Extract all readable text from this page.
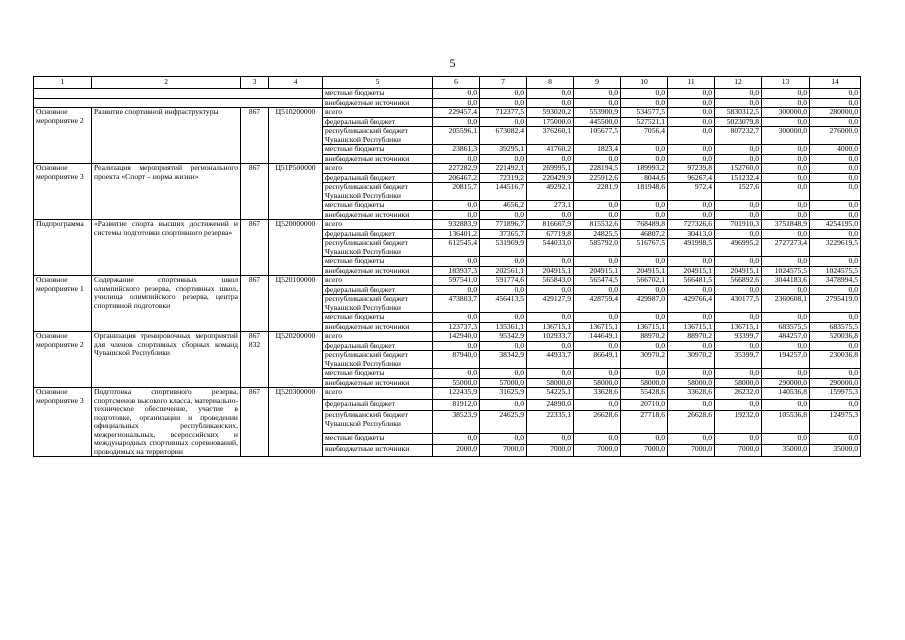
5
1	2	3	4	5	6	7	8	9	10	11	12	13	14
				местные бюджеты	0,0	0,0	0,0	0,0	0,0	0,0	0,0	0,0	0,0
				внебюджетные источники	0,0	0,0	0,0	0,0	0,0	0,0	0,0	0,0	0,0
Основное мероприятие 2	Развитие спортивной инфраструктуры	867	Ц510200000	всего	229457,4	712377,5	593020,2	553900,9	534577,5	0,0	5830312,5	300000,0	280000,0
				федеральный бюджет	0,0	0,0	175000,0	445500,0	527521,1	0,0	5023079,8	0,0	0,0
				республиканский бюджет Чувашской Республики	205596,1	673082,4	376260,1	105677,5	7056,4	0,0	807232,7	300000,0	276000,0
				местные бюджеты	23861,3	39295,1	41760,2	1823,4	0,0	0,0	0,0	0,0	4000,0
				внебюджетные источники	0,0	0,0	0,0	0,0	0,0	0,0	0,0	0,0	0,0
Основное мероприятие 3	Реализация мероприятий регионального проекта «Спорт – норма жизни»	867	Ц51P500000	всего	227282,9	221492,1	269995,1	228194,5	189993,2	97239,8	152760,0	0,0	0,0
				федеральный бюджет	206467,2	72319,2	220429,9	225912,6	8044,6	96267,4	151232,4	0,0	0,0
				республиканский бюджет Чувашской Республики	20815,7	144516,7	49292,1	2281,9	181948,6	972,4	1527,6	0,0	0,0
				местные бюджеты	0,0	4656,2	273,1	0,0	0,0	0,0	0,0	0,0	0,0
				внебюджетные источники	0,0	0,0	0,0	0,0	0,0	0,0	0,0	0,0	0,0
Подпрограмма	«Развитие спорта высших достижений и системы подготовки спортивного резерва»	867	Ц520000000	всего	932883,9	771896,7	816667,9	815532,6	768489,8	727326,6	701910,3	3751848,9	4254195,0
				федеральный бюджет	136401,2	37365,7	67719,8	24825,5	46807,2	30413,0	0,0	0,0	0,0
				республиканский бюджет Чувашской Республики	612545,4	531969,9	544033,0	585792,0	516767,5	491998,5	496995,2	2727273,4	3229619,5
				местные бюджеты	0,0	0,0	0,0	0,0	0,0	0,0	0,0	0,0	0,0
				внебюджетные источники	183937,3	202561,1	204915,1	204915,1	204915,1	204915,1	204915,1	1024575,5	1024575,5
Основное мероприятие 1	Содержание спортивных школ олимпийского резерва, спортивных школ, училища олимпийского резерва, центра спортивной подготовки	867	Ц520100000	всего	597541,0	591774,6	565843,0	565474,5	566702,1	566481,5	566892,6	3044183,6	3478994,5
				федеральный бюджет	0,0	0,0	0,0	0,0	0,0	0,0	0,0	0,0	0,0
				республиканский бюджет Чувашской Республики	473803,7	456413,5	429127,9	428759,4	429987,0	429766,4	430177,5	2360608,1	2795419,0
				местные бюджеты	0,0	0,0	0,0	0,0	0,0	0,0	0,0	0,0	0,0
				внебюджетные источники	123737,3	135361,1	136715,1	136715,1	136715,1	136715,1	136715,1	683575,5	683575,5
Основное мероприятие 2	Организация тренировочных мероприятий для членов спортивных сборных команд Чувашской Республики	867 832	Ц520200000	всего	142940,0	95342,9	102933,7	144649,1	88970,2	88970,2	93399,7	484257,0	520036,8
				федеральный бюджет	0,0	0,0	0,0	0,0	0,0	0,0	0,0	0,0	0,0
				республиканский бюджет Чувашской Республики	87940,0	38342,9	44933,7	86649,1	30970,2	30970,2	35399,7	194257,0	230036,8
				местные бюджеты	0,0	0,0	0,0	0,0	0,0	0,0	0,0	0,0	0,0
				внебюджетные источники	55000,0	57000,0	58000,0	58000,0	58000,0	58000,0	58000,0	290000,0	290000,0
Основное мероприятие 3	Подготовка спортивного резерва, спортсменов высокого класса, материально-техническое обеспечение, участие в подготовке, организации и проведении официальных республиканских, межрегиональных, всероссийских и международных спортивных соревнований, проводимых на территории	867	Ц520300000	всего	122435,9	31625,9	54225,1	33628,6	55428,6	33628,6	26232,0	140536,8	159975,3
				федеральный бюджет	81912,0	0,0	24890,0	0,0	20710,0	0,0	0,0	0,0	0,0
				республиканский бюджет Чувашской Республики	38523,9	24625,9	22335,1	26628,6	27718,6	26628,6	19232,0	105536,8	124975,3
				местные бюджеты	0,0	0,0	0,0	0,0	0,0	0,0	0,0	0,0	0,0
				внебюджетные источники	2000,0	7000,0	7000,0	7000,0	7000,0	7000,0	7000,0	35000,0	35000,0
